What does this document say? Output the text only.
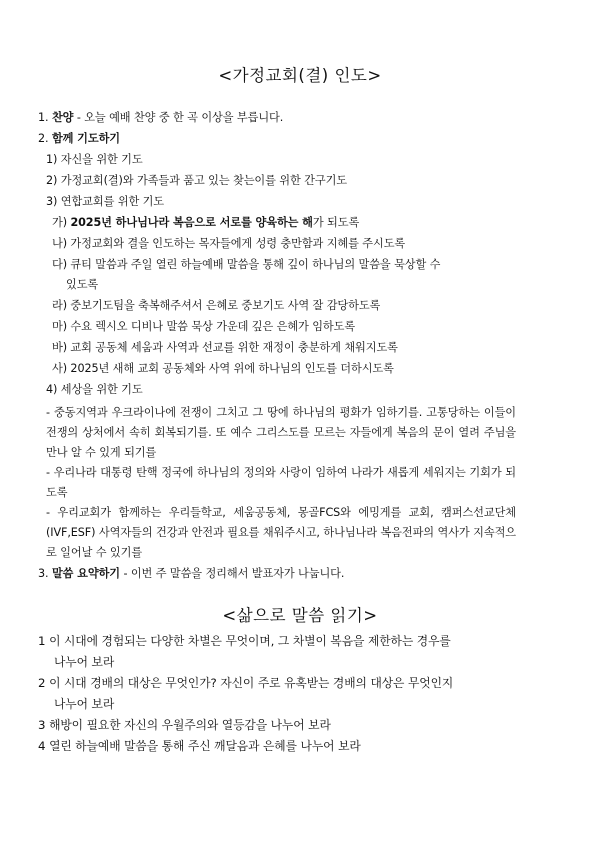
<가정교회(결) 인도>
1. 찬양 - 오늘 예배 찬양 중 한 곡 이상을 부릅니다.
2. 함께 기도하기
1) 자신을 위한 기도
2) 가정교회(결)와 가족들과 품고 있는 찾는이를 위한 간구기도
3) 연합교회를 위한 기도
가) 2025년 하나님나라 복음으로 서로를 양육하는 해가 되도록
나) 가정교회와 결을 인도하는 목자들에게 성령 충만함과 지혜를 주시도록
다) 큐티 말씀과 주일 열린 하늘예배 말씀을 통해 깊이 하나님의 말씀을 묵상할 수
있도록
라) 중보기도팀을 축복해주셔서 은혜로 중보기도 사역 잘 감당하도록
마) 수요 렉시오 디비나 말씀 묵상 가운데 깊은 은혜가 임하도록
바) 교회 공동체 세움과 사역과 선교를 위한 재정이 충분하게 채워지도록
사) 2025년 새해 교회 공동체와 사역 위에 하나님의 인도를 더하시도록
4) 세상을 위한 기도
- 중동지역과 우크라이나에 전쟁이 그치고 그 땅에 하나님의 평화가 임하기를. 고통당하는 이들이 전쟁의 상처에서 속히 회복되기를. 또 예수 그리스도를 모르는 자들에게 복음의 문이 열려 주님을 만나 알 수 있게 되기를
- 우리나라 대통령 탄핵 정국에 하나님의 정의와 사랑이 임하여 나라가 새롭게 세워지는 기회가 되도록
- 우리교회가 함께하는 우리들학교, 세움공동체, 몽골FCS와 에밍게를 교회, 캠퍼스선교단체(IVF,ESF) 사역자들의 건강과 안전과 필요를 채워주시고, 하나님나라 복음전파의 역사가 지속적으로 일어날 수 있기를
3. 말씀 요약하기 - 이번 주 말씀을 정리해서 발표자가 나눕니다.
<삶으로 말씀 읽기>
1 이 시대에 경험되는 다양한 차별은 무엇이며, 그 차별이 복음을 제한하는 경우를
나누어 보라
2 이 시대 경배의 대상은 무엇인가? 자신이 주로 유혹받는 경배의 대상은 무엇인지
나누어 보라
3 해방이 필요한 자신의 우월주의와 열등감을 나누어 보라
4 열린 하늘예배 말씀을 통해 주신 깨달음과 은혜를 나누어 보라
